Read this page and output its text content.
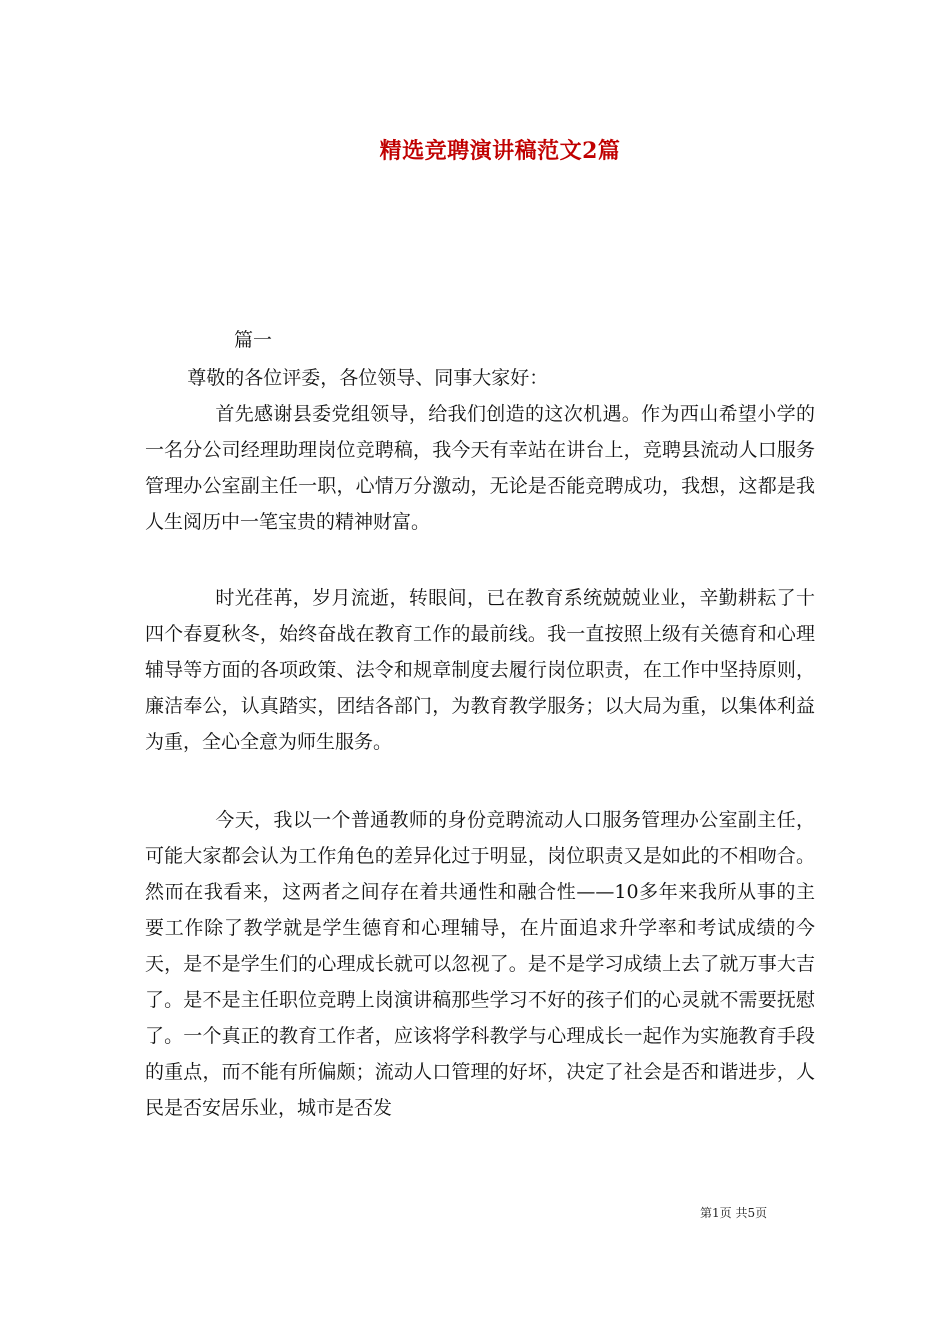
精选竞聘演讲稿范文2篇
篇一
尊敬的各位评委，各位领导、同事大家好：
首先感谢县委党组领导，给我们创造的这次机遇。作为西山希望小学的一名分公司经理助理岗位竞聘稿，我今天有幸站在讲台上，竞聘县流动人口服务管理办公室副主任一职，心情万分激动，无论是否能竞聘成功，我想，这都是我人生阅历中一笔宝贵的精神财富。
时光荏苒，岁月流逝，转眼间，已在教育系统兢兢业业，辛勤耕耘了十四个春夏秋冬，始终奋战在教育工作的最前线。我一直按照上级有关德育和心理辅导等方面的各项政策、法令和规章制度去履行岗位职责，在工作中坚持原则，廉洁奉公，认真踏实，团结各部门，为教育教学服务；以大局为重，以集体利益为重，全心全意为师生服务。
今天，我以一个普通教师的身份竞聘流动人口服务管理办公室副主任，可能大家都会认为工作角色的差异化过于明显，岗位职责又是如此的不相吻合。然而在我看来，这两者之间存在着共通性和融合性——10多年来我所从事的主要工作除了教学就是学生德育和心理辅导，在片面追求升学率和考试成绩的今天，是不是学生们的心理成长就可以忽视了。是不是学习成绩上去了就万事大吉了。是不是主任职位竞聘上岗演讲稿那些学习不好的孩子们的心灵就不需要抚慰了。一个真正的教育工作者，应该将学科教学与心理成长一起作为实施教育手段的重点，而不能有所偏颇；流动人口管理的好坏，决定了社会是否和谐进步，人民是否安居乐业，城市是否发
第1页 共5页
